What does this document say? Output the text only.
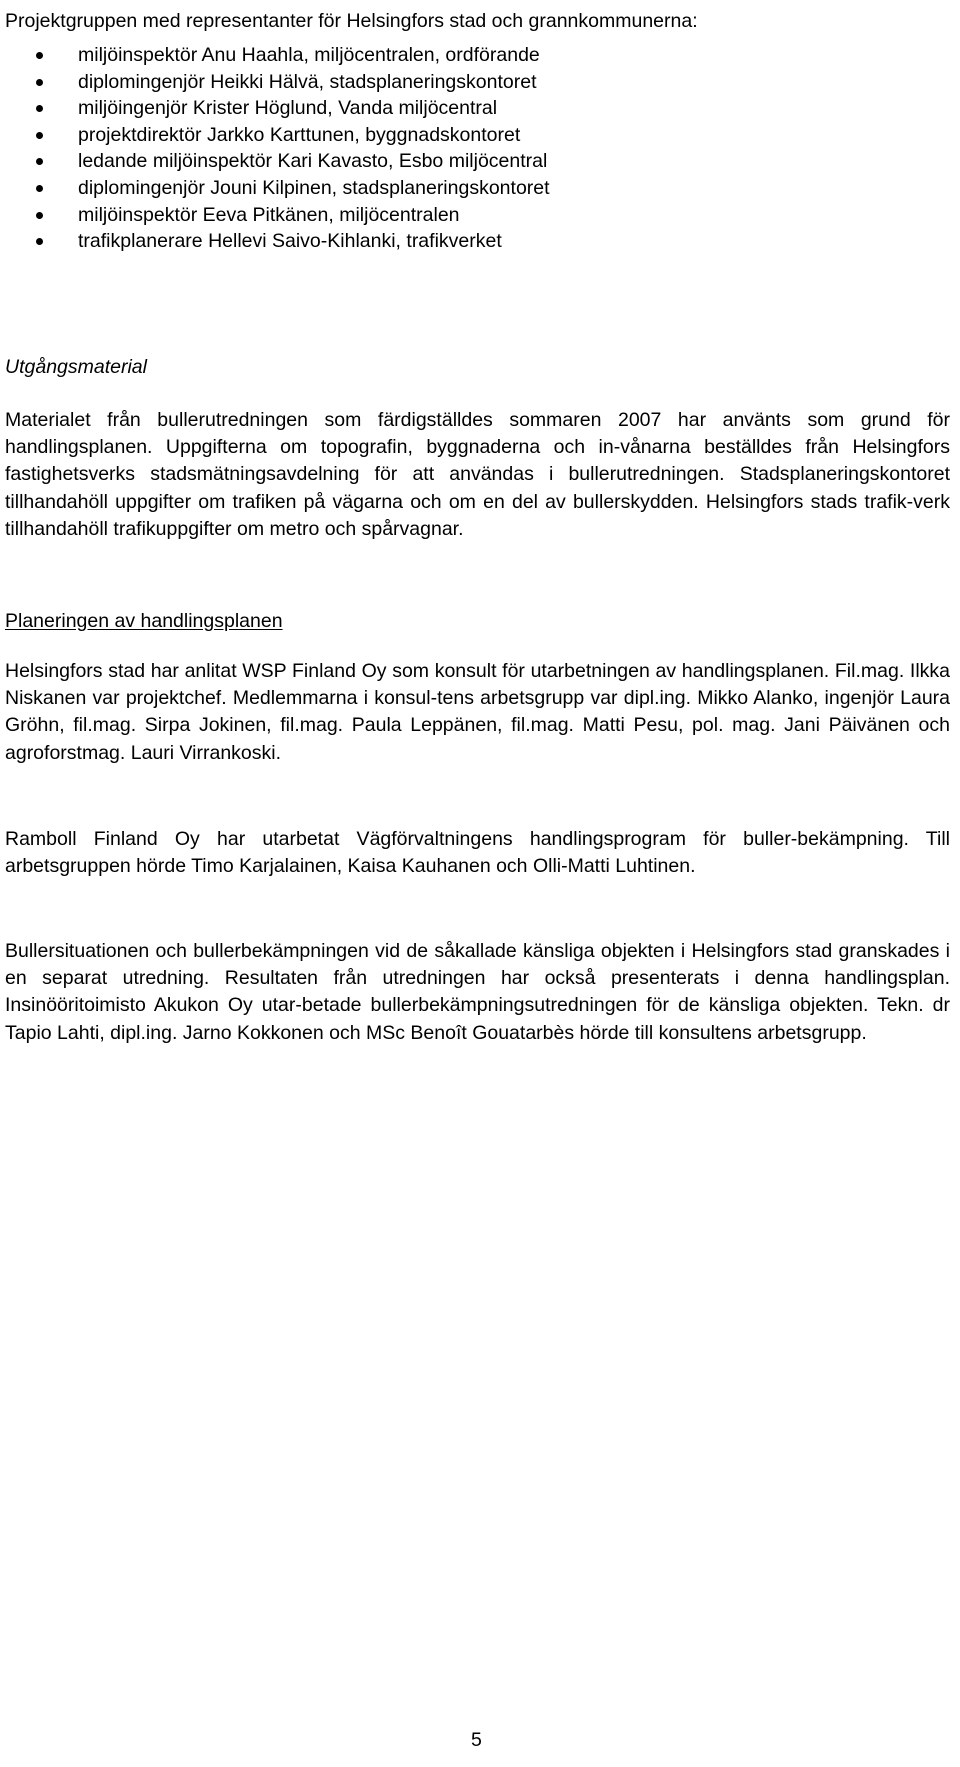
Projektgruppen med representanter för Helsingfors stad och grannkommunerna:
miljöinspektör Anu Haahla, miljöcentralen, ordförande
diplomingenjör Heikki Hälvä, stadsplaneringskontoret
miljöingenjör Krister Höglund, Vanda miljöcentral
projektdirektör Jarkko Karttunen, byggnadskontoret
ledande miljöinspektör Kari Kavasto, Esbo miljöcentral
diplomingenjör Jouni Kilpinen, stadsplaneringskontoret
miljöinspektör Eeva Pitkänen, miljöcentralen
trafikplanerare Hellevi Saivo-Kihlanki, trafikverket
Utgångsmaterial

Materialet från bullerutredningen som färdigställdes sommaren 2007 har använts som grund för handlingsplanen. Uppgifterna om topografin, byggnaderna och in-vånarna beställdes från Helsingfors fastighetsverks stadsmätningsavdelning för att användas i bullerutredningen. Stadsplaneringskontoret tillhandahöll uppgifter om trafiken på vägarna och om en del av bullerskydden. Helsingfors stads trafik-verk tillhandahöll trafikuppgifter om metro och spårvagnar.

Planeringen av handlingsplanen

Helsingfors stad har anlitat WSP Finland Oy som konsult för utarbetningen av handlingsplanen. Fil.mag. Ilkka Niskanen var projektchef. Medlemmarna i konsul-tens arbetsgrupp var dipl.ing. Mikko Alanko, ingenjör Laura Gröhn, fil.mag. Sirpa Jokinen, fil.mag. Paula Leppänen, fil.mag. Matti Pesu, pol. mag. Jani Päivänen och agroforstmag. Lauri Virrankoski.

Ramboll Finland Oy har utarbetat Vägförvaltningens handlingsprogram för buller-bekämpning. Till arbetsgruppen hörde Timo Karjalainen, Kaisa Kauhanen och Olli-Matti Luhtinen.

Bullersituationen och bullerbekämpningen vid de såkallade känsliga objekten i Helsingfors stad granskades i en separat utredning. Resultaten från utredningen har också presenterats i denna handlingsplan. Insinööritoimisto Akukon Oy utar-betade bullerbekämpningsutredningen för de känsliga objekten. Tekn. dr Tapio Lahti, dipl.ing. Jarno Kokkonen och MSc Benoît Gouatarbès hörde till konsultens arbetsgrupp.

5
